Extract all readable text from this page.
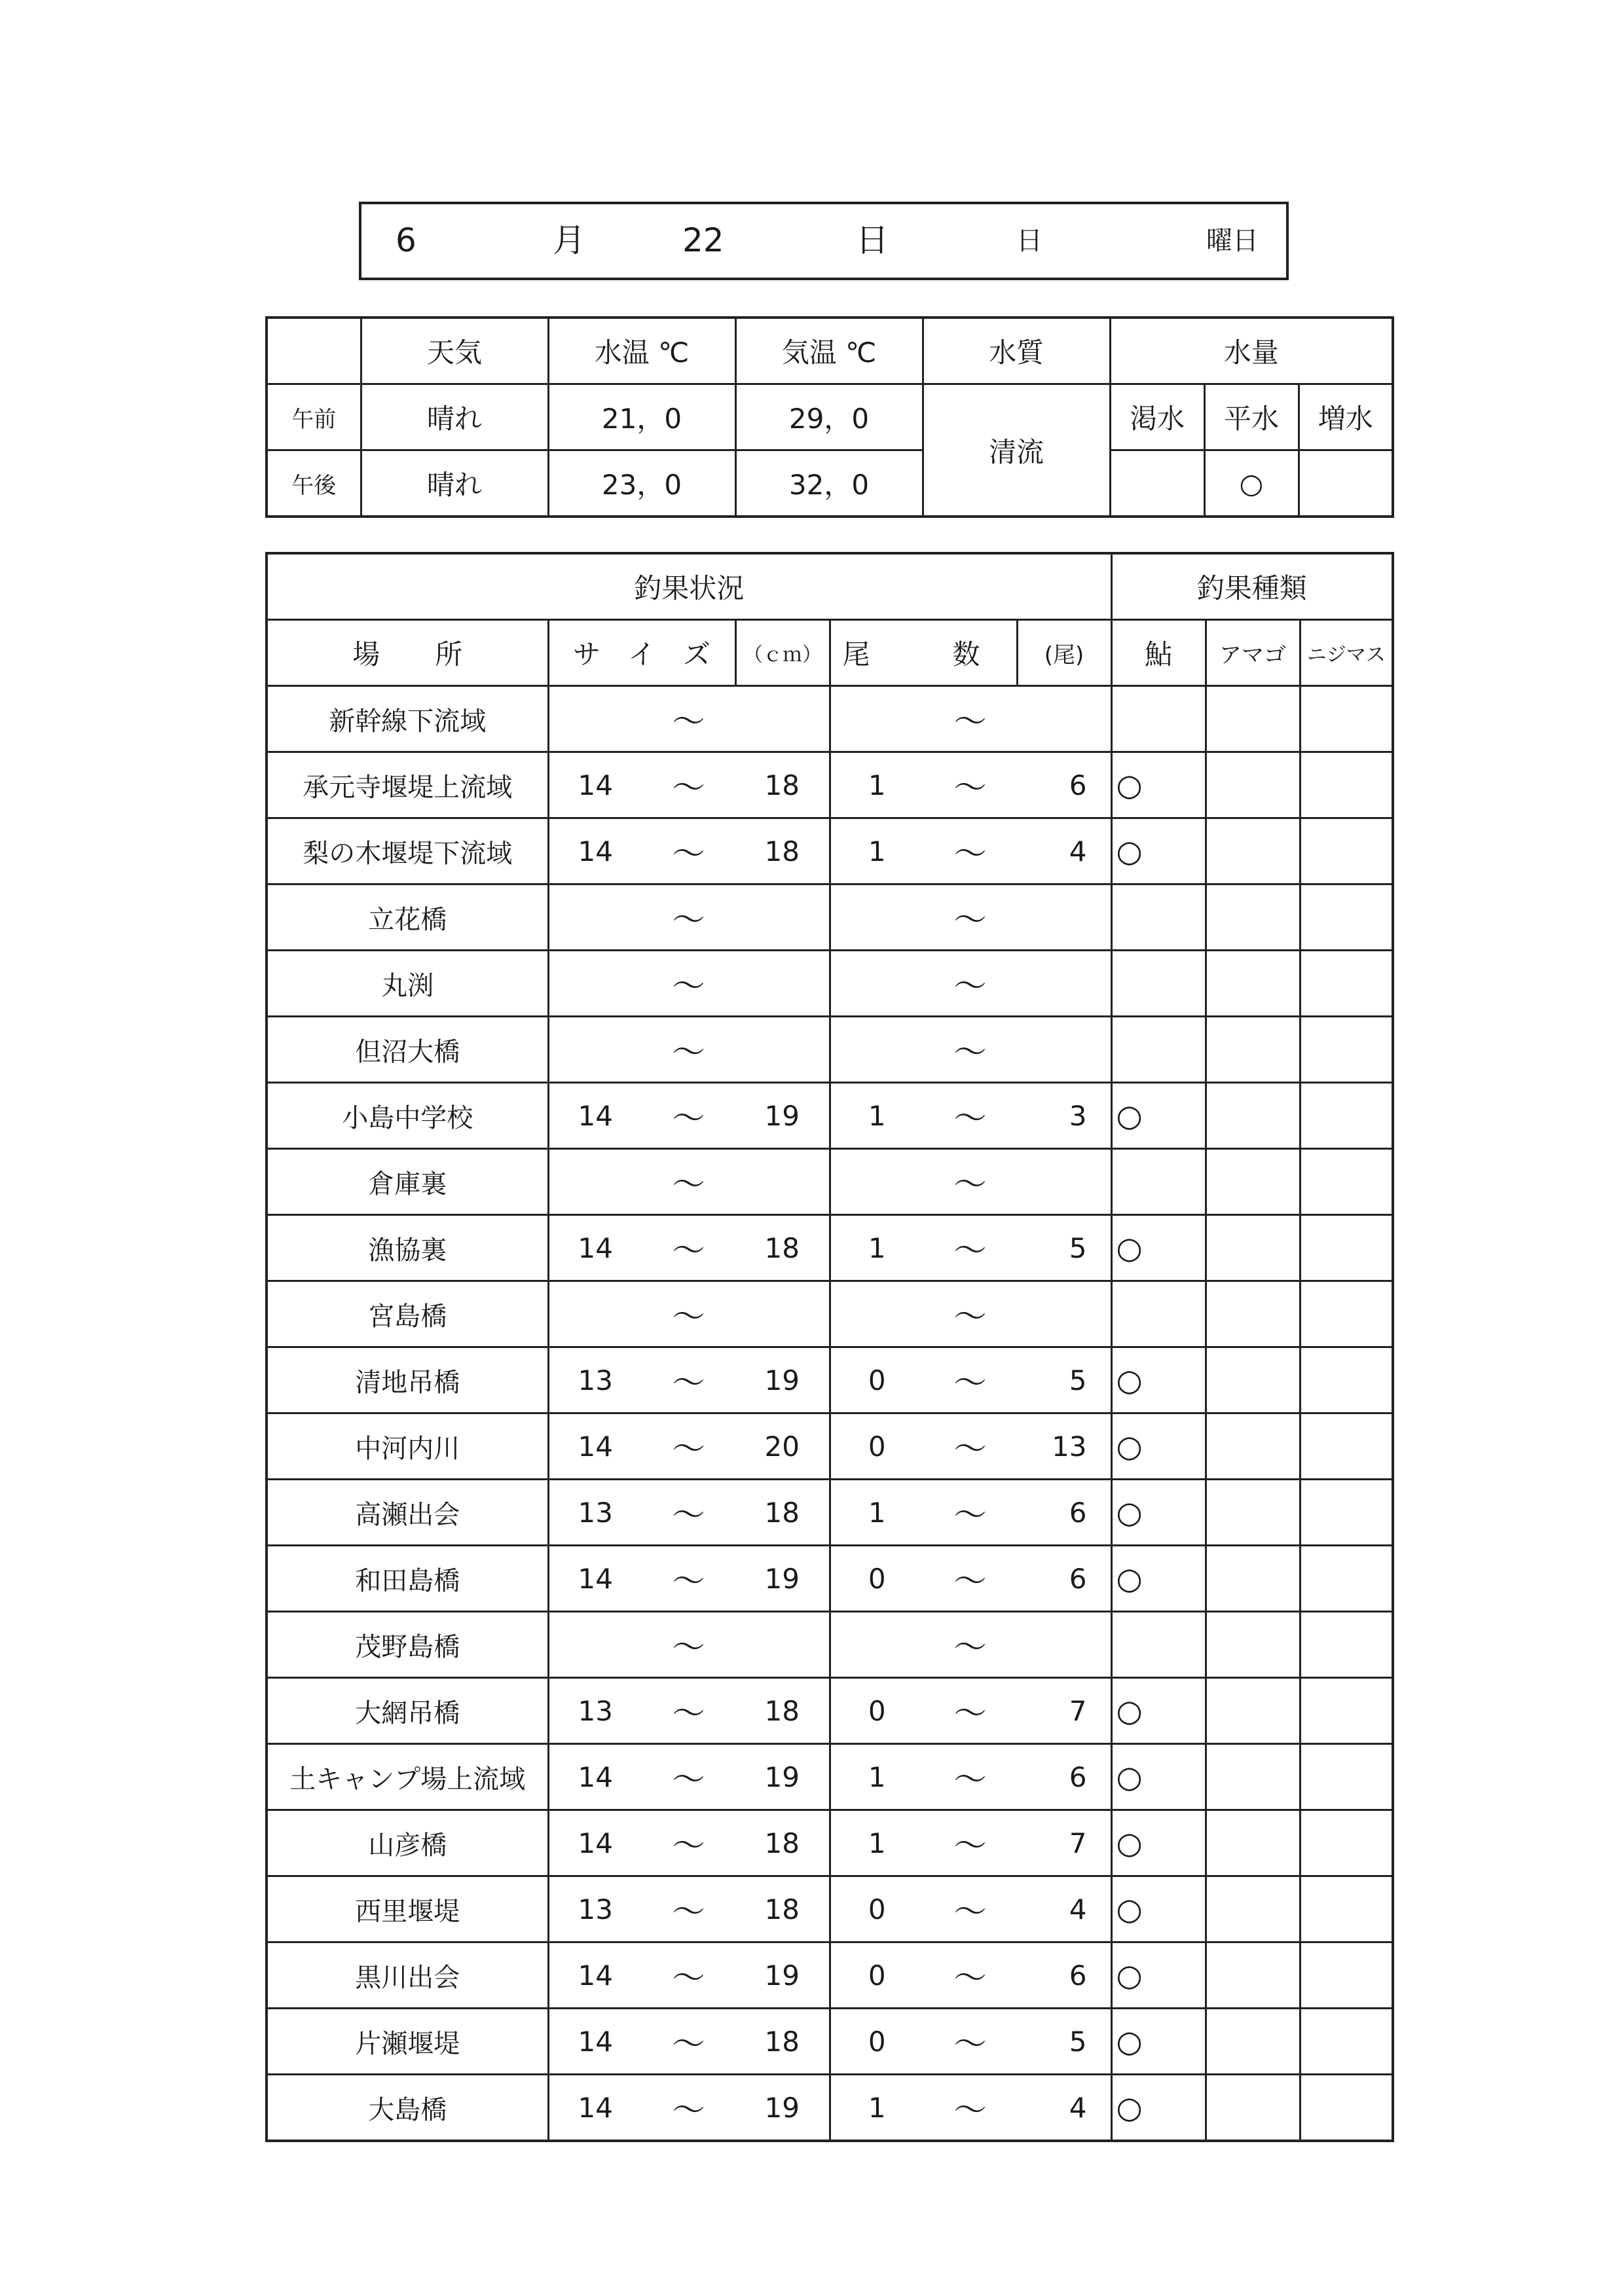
6	月	22	日	日	曜日
	天気	水温 ℃	気温 ℃	水質	水量		
午前	晴れ	21，0	29，0	清流	渇水	平水	増水
午後	晴れ	23，0	32，0			○	
釣果状況							釣果種類		
場　　所	サ　イ　ズ		（ｃｍ）	尾　　　数		(尾)	鮎	アマゴ	ニジマス
新幹線下流域		～			～				
承元寺堰堤上流域	14	～	18	1	～	6	○		
梨の木堰堤下流域	14	～	18	1	～	4	○		
立花橋		～			～				
丸渕		～			～				
但沼大橋		～			～				
小島中学校	14	～	19	1	～	3	○		
倉庫裏		～			～				
漁協裏	14	～	18	1	～	5	○		
宮島橋		～			～				
清地吊橋	13	～	19	0	～	5	○		
中河内川	14	～	20	0	～	13	○		
高瀬出会	13	～	18	1	～	6	○		
和田島橋	14	～	19	0	～	6	○		
茂野島橋		～			～				
大網吊橋	13	～	18	0	～	7	○		
土キャンプ場上流域	14	～	19	1	～	6	○		
山彦橋	14	～	18	1	～	7	○		
西里堰堤	13	～	18	0	～	4	○		
黒川出会	14	～	19	0	～	6	○		
片瀬堰堤	14	～	18	0	～	5	○		
大島橋	14	～	19	1	～	4	○		
